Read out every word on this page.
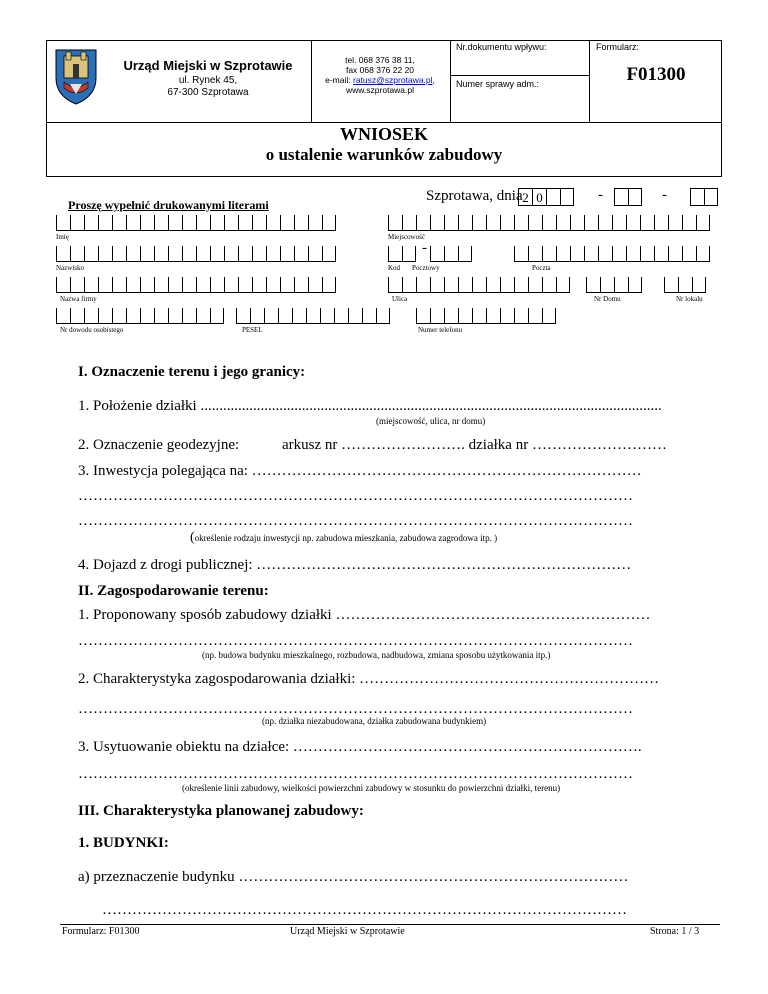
Urząd Miejski w Szprotawie
ul. Rynek 45,
67-300 Szprotawa
tel. 068 376 38 11,
fax 068 376 22 20
e-mail: ratusz@szprotawa.pl,
www.szprotawa.pl
Nr.dokumentu wpływu:
Numer sprawy adm.:
Formularz:
F01300
WNIOSEK
o ustalenie warunków zabudowy
Proszę wypełnić drukowanymi literami
Szprotawa, dnia 2 0	-	-
Imię	Miejscowość
Nazwisko
-
Kod Pocztowy	Poczta
Nazwa firmy	Ulica	Nr Domu	Nr lokalu
Nr dowodu osobistego	PESEL	Numer telefonu
I. Oznaczenie terenu i jego granicy:
1. Położenie działki ...........................................................................................................................
(miejscowość, ulica, nr domu)
2. Oznaczenie geodezyjne:	arkusz nr ……………………. działka nr ………………………
3. Inwestycja polegająca na: ……………………………………………………………………
…………………………………………………………………………………………………
…………………………………………………………………………………………………
(określenie rodzaju inwestycji np. zabudowa mieszkania, zabudowa zagrodowa itp. )
4. Dojazd z drogi publicznej: …………………………………………………………………
II. Zagospodarowanie terenu:
1. Proponowany sposób zabudowy działki ………………………………………………………
…………………………………………………………………………………………………
(np. budowa budynku mieszkalnego, rozbudowa, nadbudowa, zmiana sposobu użytkowania itp.)
2. Charakterystyka zagospodarowania działki: ……………………………………………………
…………………………………………………………………………………………………
(np. działka niezabudowana, działka zabudowana budynkiem)
3. Usytuowanie obiektu na działce: …………………………………………………………….
…………………………………………………………………………………………………
(określenie linii zabudowy, wielkości powierzchni zabudowy w stosunku do powierzchni działki, terenu)
III. Charakterystyka planowanej zabudowy:
1. BUDYNKI:
a) przeznaczenie budynku ……………………………………………………………………
……………………………………………………………………………………………
Formularz: F01300	Urząd Miejski w Szprotawie	Strona: 1 / 3
